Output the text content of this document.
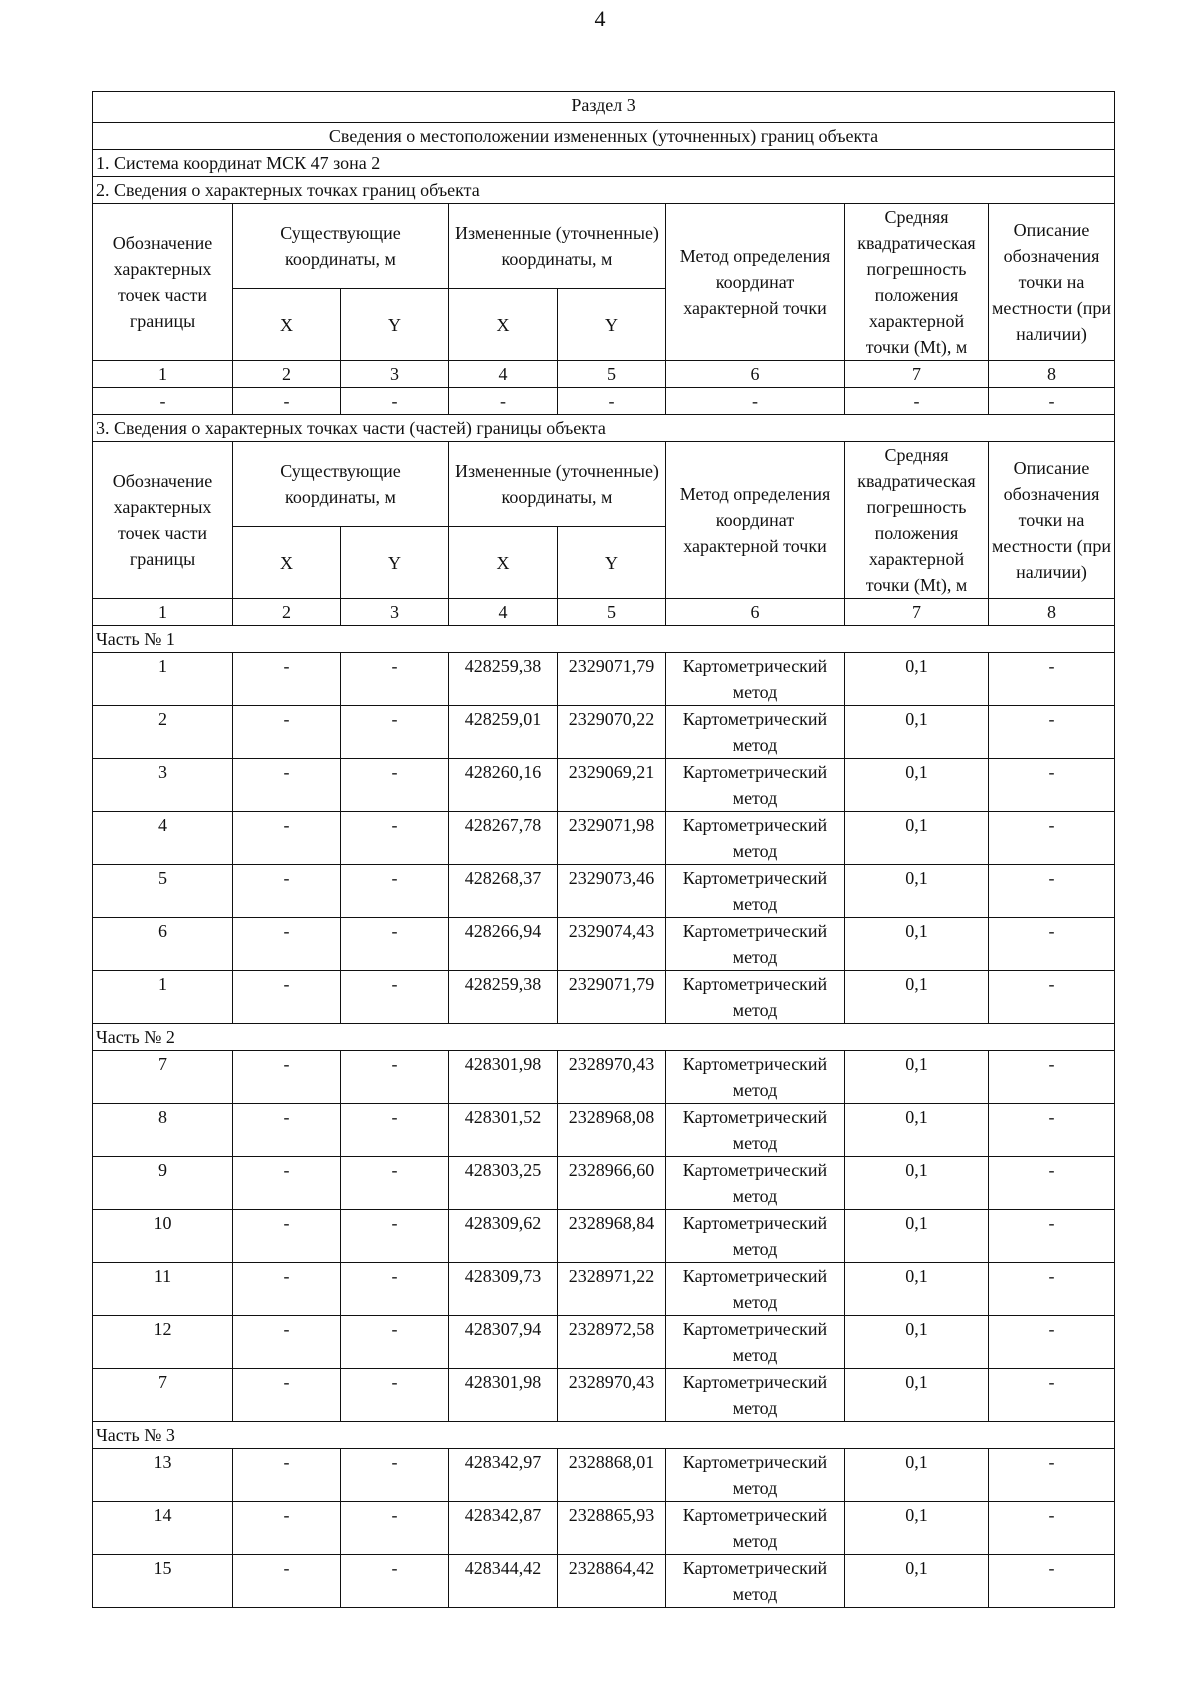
4
Раздел 3							
Сведения о местоположении измененных (уточненных) границ объекта							
1. Система координат МСК 47 зона 2							
2. Сведения о характерных точках границ объекта							
Обозначение характерных точек части границы	Существующие координаты, м		Измененные (уточненные) координаты, м		Метод определения координат характерной точки	Средняя квадратическая погрешность положения характерной точки (Mt), м	Описание обозначения точки на местности (при наличии)
	X	Y	X	Y			
1	2	3	4	5	6	7	8
-	-	-	-	-	-	-	-
3. Сведения о характерных точках части (частей) границы объекта							
Обозначение характерных точек части границы	Существующие координаты, м		Измененные (уточненные) координаты, м		Метод определения координат характерной точки	Средняя квадратическая погрешность положения характерной точки (Mt), м	Описание обозначения точки на местности (при наличии)
	X	Y	X	Y			
1	2	3	4	5	6	7	8
Часть № 1							
1	-	-	428259,38	2329071,79	Картометрический метод	0,1	-
2	-	-	428259,01	2329070,22	Картометрический метод	0,1	-
3	-	-	428260,16	2329069,21	Картометрический метод	0,1	-
4	-	-	428267,78	2329071,98	Картометрический метод	0,1	-
5	-	-	428268,37	2329073,46	Картометрический метод	0,1	-
6	-	-	428266,94	2329074,43	Картометрический метод	0,1	-
1	-	-	428259,38	2329071,79	Картометрический метод	0,1	-
Часть № 2							
7	-	-	428301,98	2328970,43	Картометрический метод	0,1	-
8	-	-	428301,52	2328968,08	Картометрический метод	0,1	-
9	-	-	428303,25	2328966,60	Картометрический метод	0,1	-
10	-	-	428309,62	2328968,84	Картометрический метод	0,1	-
11	-	-	428309,73	2328971,22	Картометрический метод	0,1	-
12	-	-	428307,94	2328972,58	Картометрический метод	0,1	-
7	-	-	428301,98	2328970,43	Картометрический метод	0,1	-
Часть № 3							
13	-	-	428342,97	2328868,01	Картометрический метод	0,1	-
14	-	-	428342,87	2328865,93	Картометрический метод	0,1	-
15	-	-	428344,42	2328864,42	Картометрический метод	0,1	-
